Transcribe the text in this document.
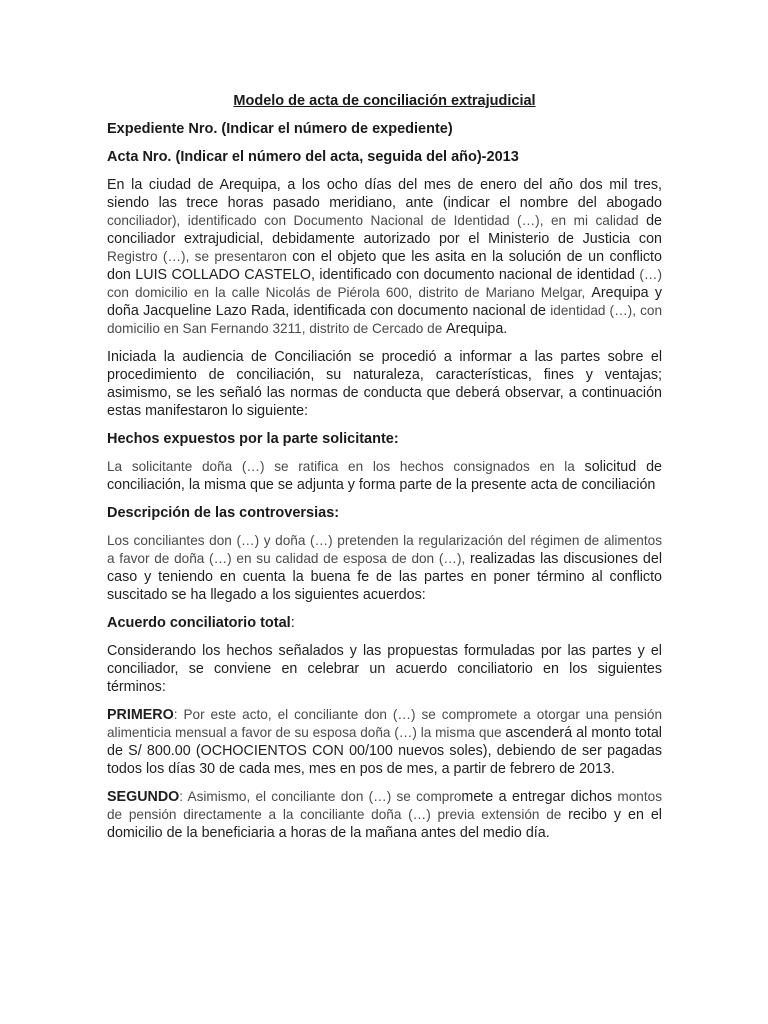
Modelo de acta de conciliación extrajudicial

Expediente Nro. (Indicar el número de expediente)

Acta Nro. (Indicar el número del acta, seguida del año)-2013

En la ciudad de Arequipa, a los ocho días del mes de enero del año dos mil tres, siendo las trece horas pasado meridiano, ante (indicar el nombre del abogado conciliador), identificado con Documento Nacional de Identidad (…), en mi calidad de conciliador extrajudicial, debidamente autorizado por el Ministerio de Justicia con Registro (…), se presentaron con el objeto que les asita en la solución de un conflicto don LUIS COLLADO CASTELO, identificado con documento nacional de identidad (…) con domicilio en la calle Nicolás de Piérola 600, distrito de Mariano Melgar, Arequipa y doña Jacqueline Lazo Rada, identificada con documento nacional de identidad (…), con domicilio en San Fernando 3211, distrito de Cercado de Arequipa.

Iniciada la audiencia de Conciliación se procedió a informar a las partes sobre el procedimiento de conciliación, su naturaleza, características, fines y ventajas; asimismo, se les señaló las normas de conducta que deberá observar, a continuación estas manifestaron lo siguiente:

Hechos expuestos por la parte solicitante:

La solicitante doña (…) se ratifica en los hechos consignados en la solicitud de conciliación, la misma que se adjunta y forma parte de la presente acta de conciliación

Descripción de las controversias:

Los conciliantes don (…) y doña (…) pretenden la regularización del régimen de alimentos a favor de doña (…) en su calidad de esposa de don (…), realizadas las discusiones del caso y teniendo en cuenta la buena fe de las partes en poner término al conflicto suscitado se ha llegado a los siguientes acuerdos:

Acuerdo conciliatorio total:

Considerando los hechos señalados y las propuestas formuladas por las partes y el conciliador, se conviene en celebrar un acuerdo conciliatorio en los siguientes términos:

PRIMERO: Por este acto, el conciliante don (…) se compromete a otorgar una pensión alimenticia mensual a favor de su esposa doña (…) la misma que ascenderá al monto total de S/ 800.00 (OCHOCIENTOS CON 00/100 nuevos soles), debiendo de ser pagadas todos los días 30 de cada mes, mes en pos de mes, a partir de febrero de 2013.

SEGUNDO: Asimismo, el conciliante don (…) se compromete a entregar dichos montos de pensión directamente a la conciliante doña (…) previa extensión de recibo y en el domicilio de la beneficiaria a horas de la mañana antes del medio día.
